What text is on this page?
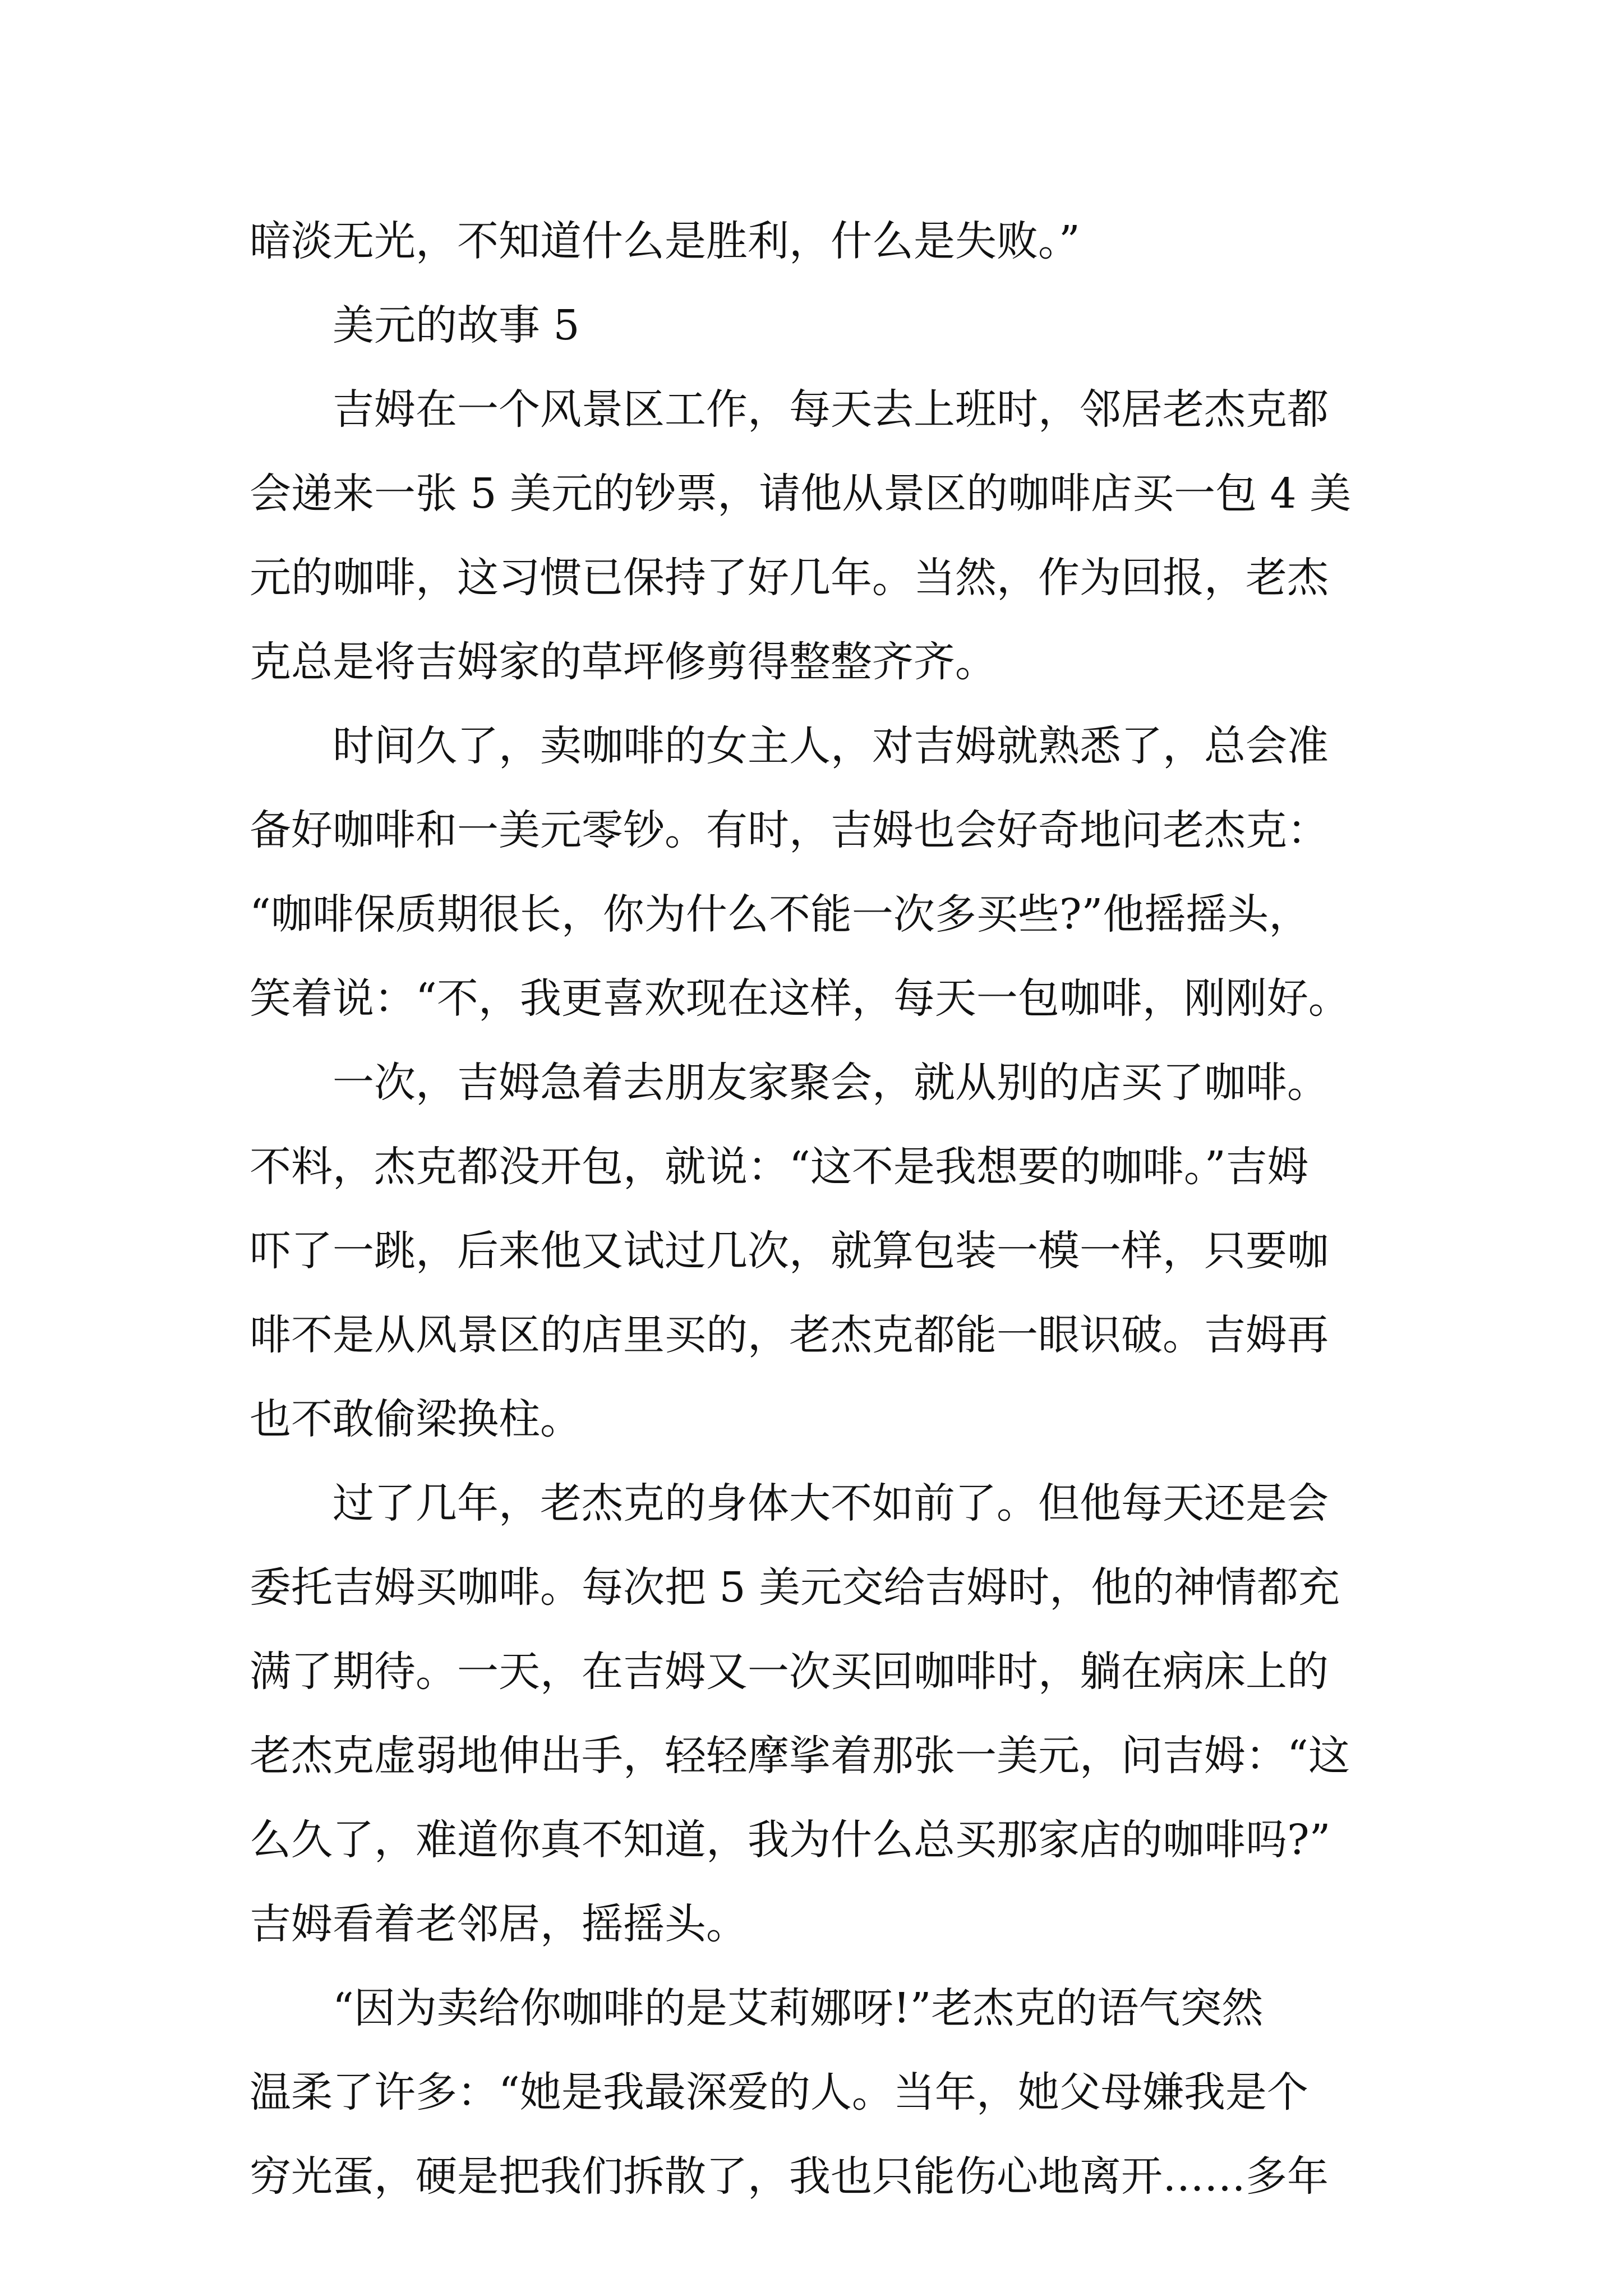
暗淡无光，不知道什么是胜利，什么是失败。”
美元的故事 5
吉姆在一个风景区工作，每天去上班时，邻居老杰克都
会递来一张 5 美元的钞票，请他从景区的咖啡店买一包 4 美
元的咖啡，这习惯已保持了好几年。当然，作为回报，老杰
克总是将吉姆家的草坪修剪得整整齐齐。
时间久了，卖咖啡的女主人，对吉姆就熟悉了，总会准
备好咖啡和一美元零钞。有时，吉姆也会好奇地问老杰克：
“咖啡保质期很长，你为什么不能一次多买些?”他摇摇头，
笑着说：“不，我更喜欢现在这样，每天一包咖啡，刚刚好。
一次，吉姆急着去朋友家聚会，就从别的店买了咖啡。
不料，杰克都没开包，就说：“这不是我想要的咖啡。”吉姆
吓了一跳，后来他又试过几次，就算包装一模一样，只要咖
啡不是从风景区的店里买的，老杰克都能一眼识破。吉姆再
也不敢偷梁换柱。
过了几年，老杰克的身体大不如前了。但他每天还是会
委托吉姆买咖啡。每次把 5 美元交给吉姆时，他的神情都充
满了期待。一天，在吉姆又一次买回咖啡时，躺在病床上的
老杰克虚弱地伸出手，轻轻摩挲着那张一美元，问吉姆：“这
么久了，难道你真不知道，我为什么总买那家店的咖啡吗?”
吉姆看着老邻居，摇摇头。
“因为卖给你咖啡的是艾莉娜呀!”老杰克的语气突然
温柔了许多：“她是我最深爱的人。当年，她父母嫌我是个
穷光蛋，硬是把我们拆散了，我也只能伤心地离开……多年
